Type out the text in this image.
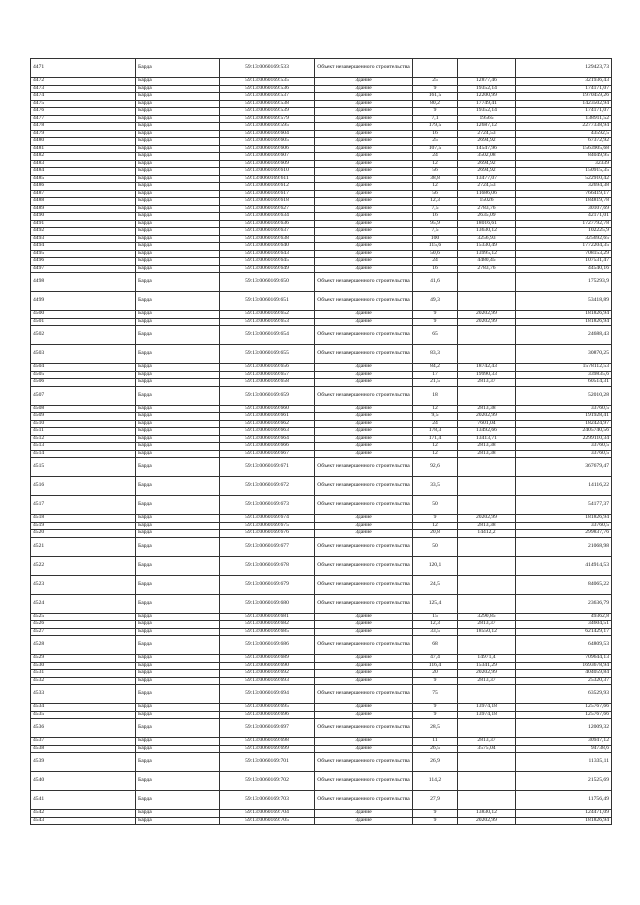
4471	Барда	59:13:0060169:533	Объект незавершенного строительства			129423,73
4472	Барда	59:13:0060169:535	Здание	25	12877,46	321936,43
4473	Барда	59:13:0060169:536	Здание	9	19352,14	174171,07
4474	Барда	59:13:0060169:537	Здание	161,5	12200,99	1970459,26
4475	Барда	59:13:0060169:538	Здание	80,2	17749,41	1423502,94
4476	Барда	59:13:0060169:539	Здание	9	19352,14	174171,07
4477	Барда	59:13:0060169:579	Здание	7,1	19565	138911,52
4478	Барда	59:13:0060169:595	Здание	179,5	12687,12	2277338,94
4479	Барда	59:13:0060169:604	Здание	16	2724,53	43592,5
4480	Барда	59:13:0060169:605	Здание	25	2694,92	67372,92
4481	Барда	59:13:0060169:606	Здание	107,5	14547,96	1563905,68
4482	Барда	59:13:0060169:607	Здание	24	3502,08	84049,95
4483	Барда	59:13:0060169:609	Здание	12	2694,92	32339
4484	Барда	59:13:0060169:610	Здание	56	2694,92	150915,35
4485	Барда	59:13:0060169:611	Здание	38,8	13477,07	522910,42
4486	Барда	59:13:0060169:612	Здание	12	2724,53	32694,38
4487	Барда	59:13:0060169:617	Здание	56	11686,06	766419,17
4488	Барда	59:13:0060169:618	Здание	12,3	15026	184819,78
4489	Барда	59:13:0060169:627	Здание	7,5	2783,76	30107,69
4490	Барда	59:13:0060169:634	Здание	16	2635,09	42171,01
4491	Барда	59:13:0060169:636	Здание	95,9	18016,61	1727792,78
4492	Барда	59:13:0060169:637	Здание	7,5	13630,12	102225,9
4493	Барда	59:13:0060169:638	Здание	100	3256,93	325692,65
4494	Барда	59:13:0060169:640	Здание	115,6	15330,49	1772204,35
4495	Барда	59:13:0060169:643	Здание	50,6	13995,12	708153,29
4496	Барда	59:13:0060169:645	Здание	24	4480,45	107531,47
4497	Барда	59:13:0060169:649	Здание	16	2783,76	44540,16
4498	Барда	59:13:0060169:650	Объект незавершенного строительства	41,6		175293,9
4499	Барда	59:13:0060169:651	Объект незавершенного строительства	49,3		53418,89
4500	Барда	59:13:0060169:652	Здание	9	20202,99	181826,94
4501	Барда	59:13:0060169:653	Здание	9	20202,99	181826,94
4502	Барда	59:13:0060169:654	Объект незавершенного строительства	65		24688,43
4503	Барда	59:13:0060169:655	Объект незавершенного строительства	83,3		30870,25
4504	Барда	59:13:0060169:656	Здание	84,2	18742,43	1578112,53
4505	Барда	59:13:0060169:657	Здание	17	19990,33	339835,6
4506	Барда	59:13:0060169:658	Здание	21,5	2813,37	60514,31
4507	Барда	59:13:0060169:659	Объект незавершенного строительства	18		52010,28
4508	Барда	59:13:0060169:660	Здание	12	2813,38	33760,5
4509	Барда	59:13:0060169:661	Здание	9,5	20202,99	191928,41
4510	Барда	59:13:0060169:662	Здание	24	7601,04	182424,97
4511	Барда	59:13:0060169:663	Здание	178,3	13492,66	2405740,56
4512	Барда	59:13:0060169:664	Здание	171,4	13413,71	2299110,34
4513	Барда	59:13:0060169:666	Здание	12	2813,38	33760,5
4514	Барда	59:13:0060169:667	Здание	12	2813,38	33760,5
4515	Барда	59:13:0060169:671	Объект незавершенного строительства	92,6		367679,47
4516	Барда	59:13:0060169:672	Объект незавершенного строительства	33,5		14116,22
4517	Барда	59:13:0060169:673	Объект незавершенного строительства	50		54177,37
4518	Барда	59:13:0060169:674	Здание	9	20202,99	181826,94
4519	Барда	59:13:0060169:675	Здание	12	2813,38	33760,5
4520	Барда	59:13:0060169:676	Здание	20,8	14412,2	299837,76
4521	Барда	59:13:0060169:677	Объект незавершенного строительства	50		21068,98
4522	Барда	59:13:0060169:678	Объект незавершенного строительства	120,1		414914,53
4523	Барда	59:13:0060169:679	Объект незавершенного строительства	24,5		84065,22
4524	Барда	59:13:0060169:680	Объект незавершенного строительства	125,4		23636,79
4525	Барда	59:13:0060169:681	Здание	15	3290,85	49362,8
4526	Барда	59:13:0060169:682	Здание	12,3	2813,37	34604,51
4527	Барда	59:13:0060169:685	Здание	33,5	18550,12	621429,17
4528	Барда	59:13:0060169:686	Объект незавершенного строительства	68		64809,53
4529	Барда	59:13:0060169:689	Здание	47,4	14971,4	709644,13
4530	Барда	59:13:0060169:690	Здание	116,4	15341,29	1693678,94
4531	Барда	59:13:0060169:692	Здание	20	20202,99	404059,84
4532	Барда	59:13:0060169:693	Здание	9	2813,37	25320,37
4533	Барда	59:13:0060169:694	Объект незавершенного строительства	75		63529,93
4534	Барда	59:13:0060169:695	Здание	9	13974,18	125767,66
4535	Барда	59:13:0060169:696	Здание	9	13974,18	125767,66
4536	Барда	59:13:0060169:697	Объект незавершенного строительства	28,5		12009,32
4537	Барда	59:13:0060169:698	Здание	11	2813,37	30947,12
4538	Барда	59:13:0060169:699	Здание	26,5	3575,04	94738,6
4539	Барда	59:13:0060169:701	Объект незавершенного строительства	26,9		11335,11
4540	Барда	59:13:0060169:702	Объект незавершенного строительства	114,2		21525,69
4541	Барда	59:13:0060169:703	Объект незавершенного строительства	27,9		11756,49
4542	Барда	59:13:0060169:704	Здание	9	13830,12	124471,09
4543	Барда	59:13:0060169:705	Здание	9	20202,99	181826,94
